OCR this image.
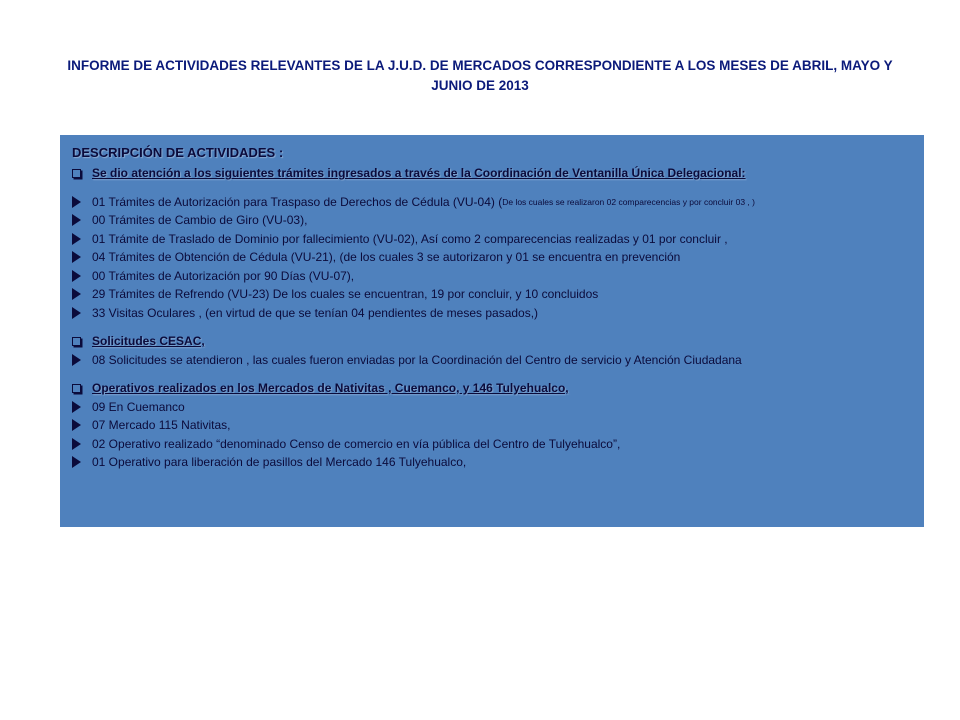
INFORME DE ACTIVIDADES RELEVANTES DE LA J.U.D. DE MERCADOS CORRESPONDIENTE A LOS MESES DE ABRIL, MAYO Y
JUNIO DE 2013
DESCRIPCIÓN DE ACTIVIDADES :
Se dio atención a los siguientes trámites ingresados a través de la Coordinación de Ventanilla Única Delegacional:
01 Trámites de Autorización para Traspaso de Derechos de Cédula (VU-04) ( De los cuales se realizaron 02 comparecencias y por concluir 03 , )
00 Trámites de Cambio de Giro (VU-03),
01 Trámite de Traslado de Dominio por fallecimiento (VU-02), Así como 2 comparecencias realizadas y 01 por concluir ,
04 Trámites de Obtención de Cédula (VU-21), (de los cuales 3 se autorizaron y 01 se encuentra en prevención
00 Trámites de Autorización por 90 Días (VU-07),
29 Trámites de Refrendo (VU-23) De los cuales se encuentran, 19 por concluir, y 10 concluidos
33 Visitas Oculares , (en virtud de que se tenían 04 pendientes de meses pasados,)
Solicitudes CESAC,
08 Solicitudes se atendieron , las cuales fueron enviadas por la Coordinación del Centro de servicio y Atención Ciudadana
Operativos realizados en los Mercados de Nativitas , Cuemanco, y 146 Tulyehualco,
09 En Cuemanco
07 Mercado 115 Nativitas,
02 Operativo realizado “denominado Censo de comercio en vía pública del Centro de Tulyehualco”,
01 Operativo para liberación de pasillos del Mercado 146 Tulyehualco,
